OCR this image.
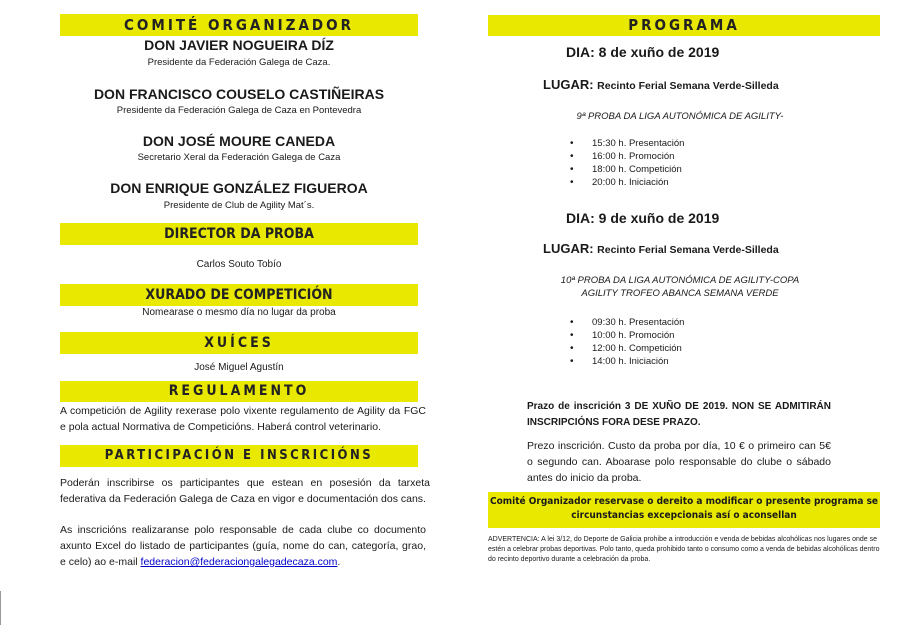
COMITÉ ORGANIZADOR
DON JAVIER NOGUEIRA DÍZ
Presidente da Federación Galega de Caza.
DON FRANCISCO COUSELO CASTIÑEIRAS
Presidente da Federación Galega de Caza en Pontevedra
DON JOSÉ MOURE CANEDA
Secretario Xeral da Federación Galega de Caza
DON ENRIQUE GONZÁLEZ FIGUEROA
Presidente de Club de Agility Mat´s.
DIRECTOR DA PROBA
Carlos Souto Tobío
XURADO DE COMPETICIÓN
Nomearase o mesmo día no lugar da proba
XUÍCES
José Miguel Agustín
REGULAMENTO
A competición de Agility rexerase polo vixente regulamento de Agility da FGC e pola actual Normativa de Competicións. Haberá control veterinario.
PARTICIPACIÓN E INSCRICIÓNS
Poderán inscribirse os participantes que estean en posesión da tarxeta federativa da Federación Galega de Caza en vigor e documentación dos cans.
As inscricións realizaranse polo responsable de cada clube co documento axunto Excel do listado de participantes (guía, nome do can, categoría, grao, e celo) ao e-mail federacion@federaciongalegadecaza.com.
PROGRAMA
DIA: 8 de xuño de 2019
LUGAR: Recinto Ferial Semana Verde-Silleda
9ª PROBA DA LIGA AUTONÓMICA DE AGILITY-
• 15:30 h. Presentación
• 16:00 h. Promoción
• 18:00 h. Competición
• 20:00 h. Iniciación
DIA: 9 de xuño de 2019
LUGAR: Recinto Ferial Semana Verde-Silleda
10ª PROBA DA LIGA AUTONÓMICA DE AGILITY-COPA
AGILITY TROFEO ABANCA SEMANA VERDE
• 09:30 h. Presentación
• 10:00 h. Promoción
• 12:00 h. Competición
• 14:00 h. Iniciación
Prazo de inscrición 3 DE XUÑO DE 2019. NON SE ADMITIRÁN INSCRIPCIÓNS FORA DESE PRAZO.
Prezo inscrición. Custo da proba por día, 10 € o primeiro can 5€ o segundo can. Aboarase polo responsable do clube o sábado antes do inicio da proba.
Comité Organizador reservase o dereito a modificar o presente programa se
circunstancias excepcionais así o aconsellan
ADVERTENCIA: A lei 3/12, do Deporte de Galicia prohibe a introducción e venda de bebidas alcohólicas nos lugares onde se estén a celebrar probas deportivas. Polo tanto, queda prohibido tanto o consumo como a venda de bebidas alcohólicas dentro do recinto deportivo durante a celebración da proba.
